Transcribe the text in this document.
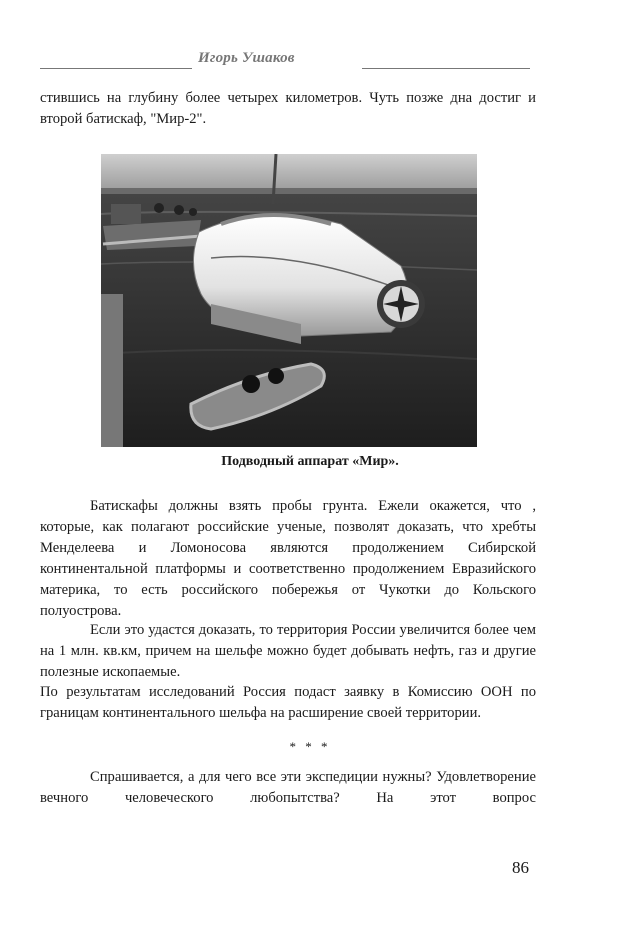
Игорь Ушаков

стившись на глубину более четырех километров. Чуть позже дна достиг и второй батискаф, "Мир-2".

Подводный аппарат «Мир».

Батискафы должны взять пробы грунта. Ежели окажется, что , которые, как полагают российские ученые, позволят доказать, что хребты Менделеева и Ломоносова являются продолжением Сибирской континентальной платформы и соответственно продолжением Евразийского материка, то есть российского побережья от Чукотки до Кольского полуострова.

Если это удастся доказать, то территория России увеличится более чем на 1 млн. кв.км, причем на шельфе можно будет добывать нефть, газ и другие полезные ископаемые.

По результатам исследований Россия подаст заявку в Комиссию ООН по границам континентального шельфа на расширение своей территории.

* * *

Спрашивается, а для чего все эти экспедиции нужны? Удовлетворение вечного человеческого любопытства? На этот вопрос

86
